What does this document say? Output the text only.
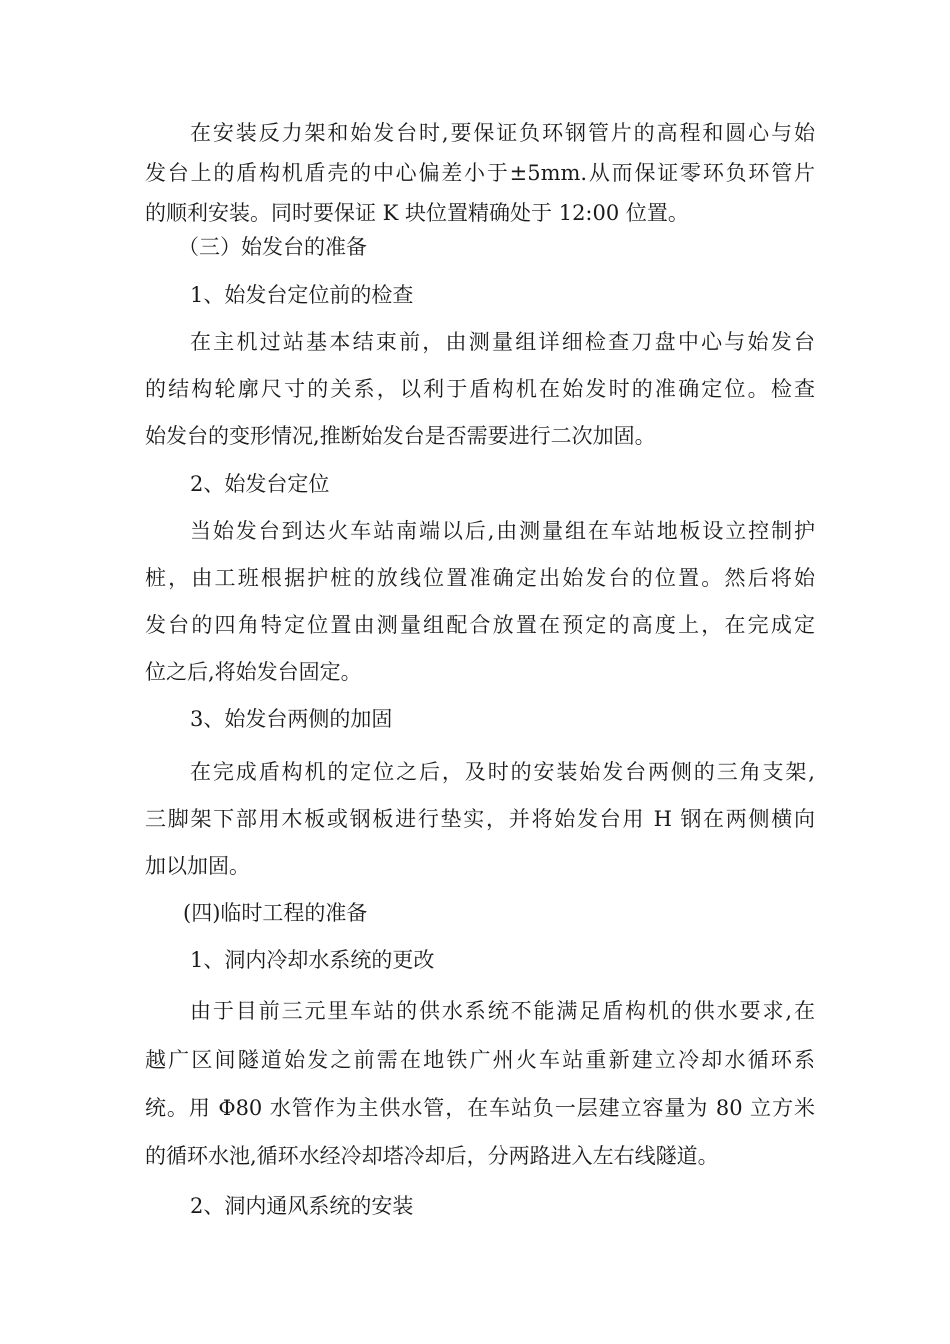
在安装反力架和始发台时,要保证负环钢管片的高程和圆心与始
发台上的盾构机盾壳的中心偏差小于±5mm.从而保证零环负环管片
的顺利安装。同时要保证 K 块位置精确处于 12:00 位置。
（三）始发台的准备
1、始发台定位前的检查
在主机过站基本结束前，由测量组详细检查刀盘中心与始发台
的结构轮廓尺寸的关系，以利于盾构机在始发时的准确定位。检查
始发台的变形情况,推断始发台是否需要进行二次加固。
2、始发台定位
当始发台到达火车站南端以后,由测量组在车站地板设立控制护
桩，由工班根据护桩的放线位置准确定出始发台的位置。然后将始
发台的四角特定位置由测量组配合放置在预定的高度上，在完成定
位之后,将始发台固定。
3、始发台两侧的加固
在完成盾构机的定位之后，及时的安装始发台两侧的三角支架,
三脚架下部用木板或钢板进行垫实，并将始发台用 H 钢在两侧横向
加以加固。
(四)临时工程的准备
1、洞内冷却水系统的更改
由于目前三元里车站的供水系统不能满足盾构机的供水要求,在
越广区间隧道始发之前需在地铁广州火车站重新建立冷却水循环系
统。用 Φ80 水管作为主供水管，在车站负一层建立容量为 80 立方米
的循环水池,循环水经冷却塔冷却后，分两路进入左右线隧道。
2、洞内通风系统的安装
